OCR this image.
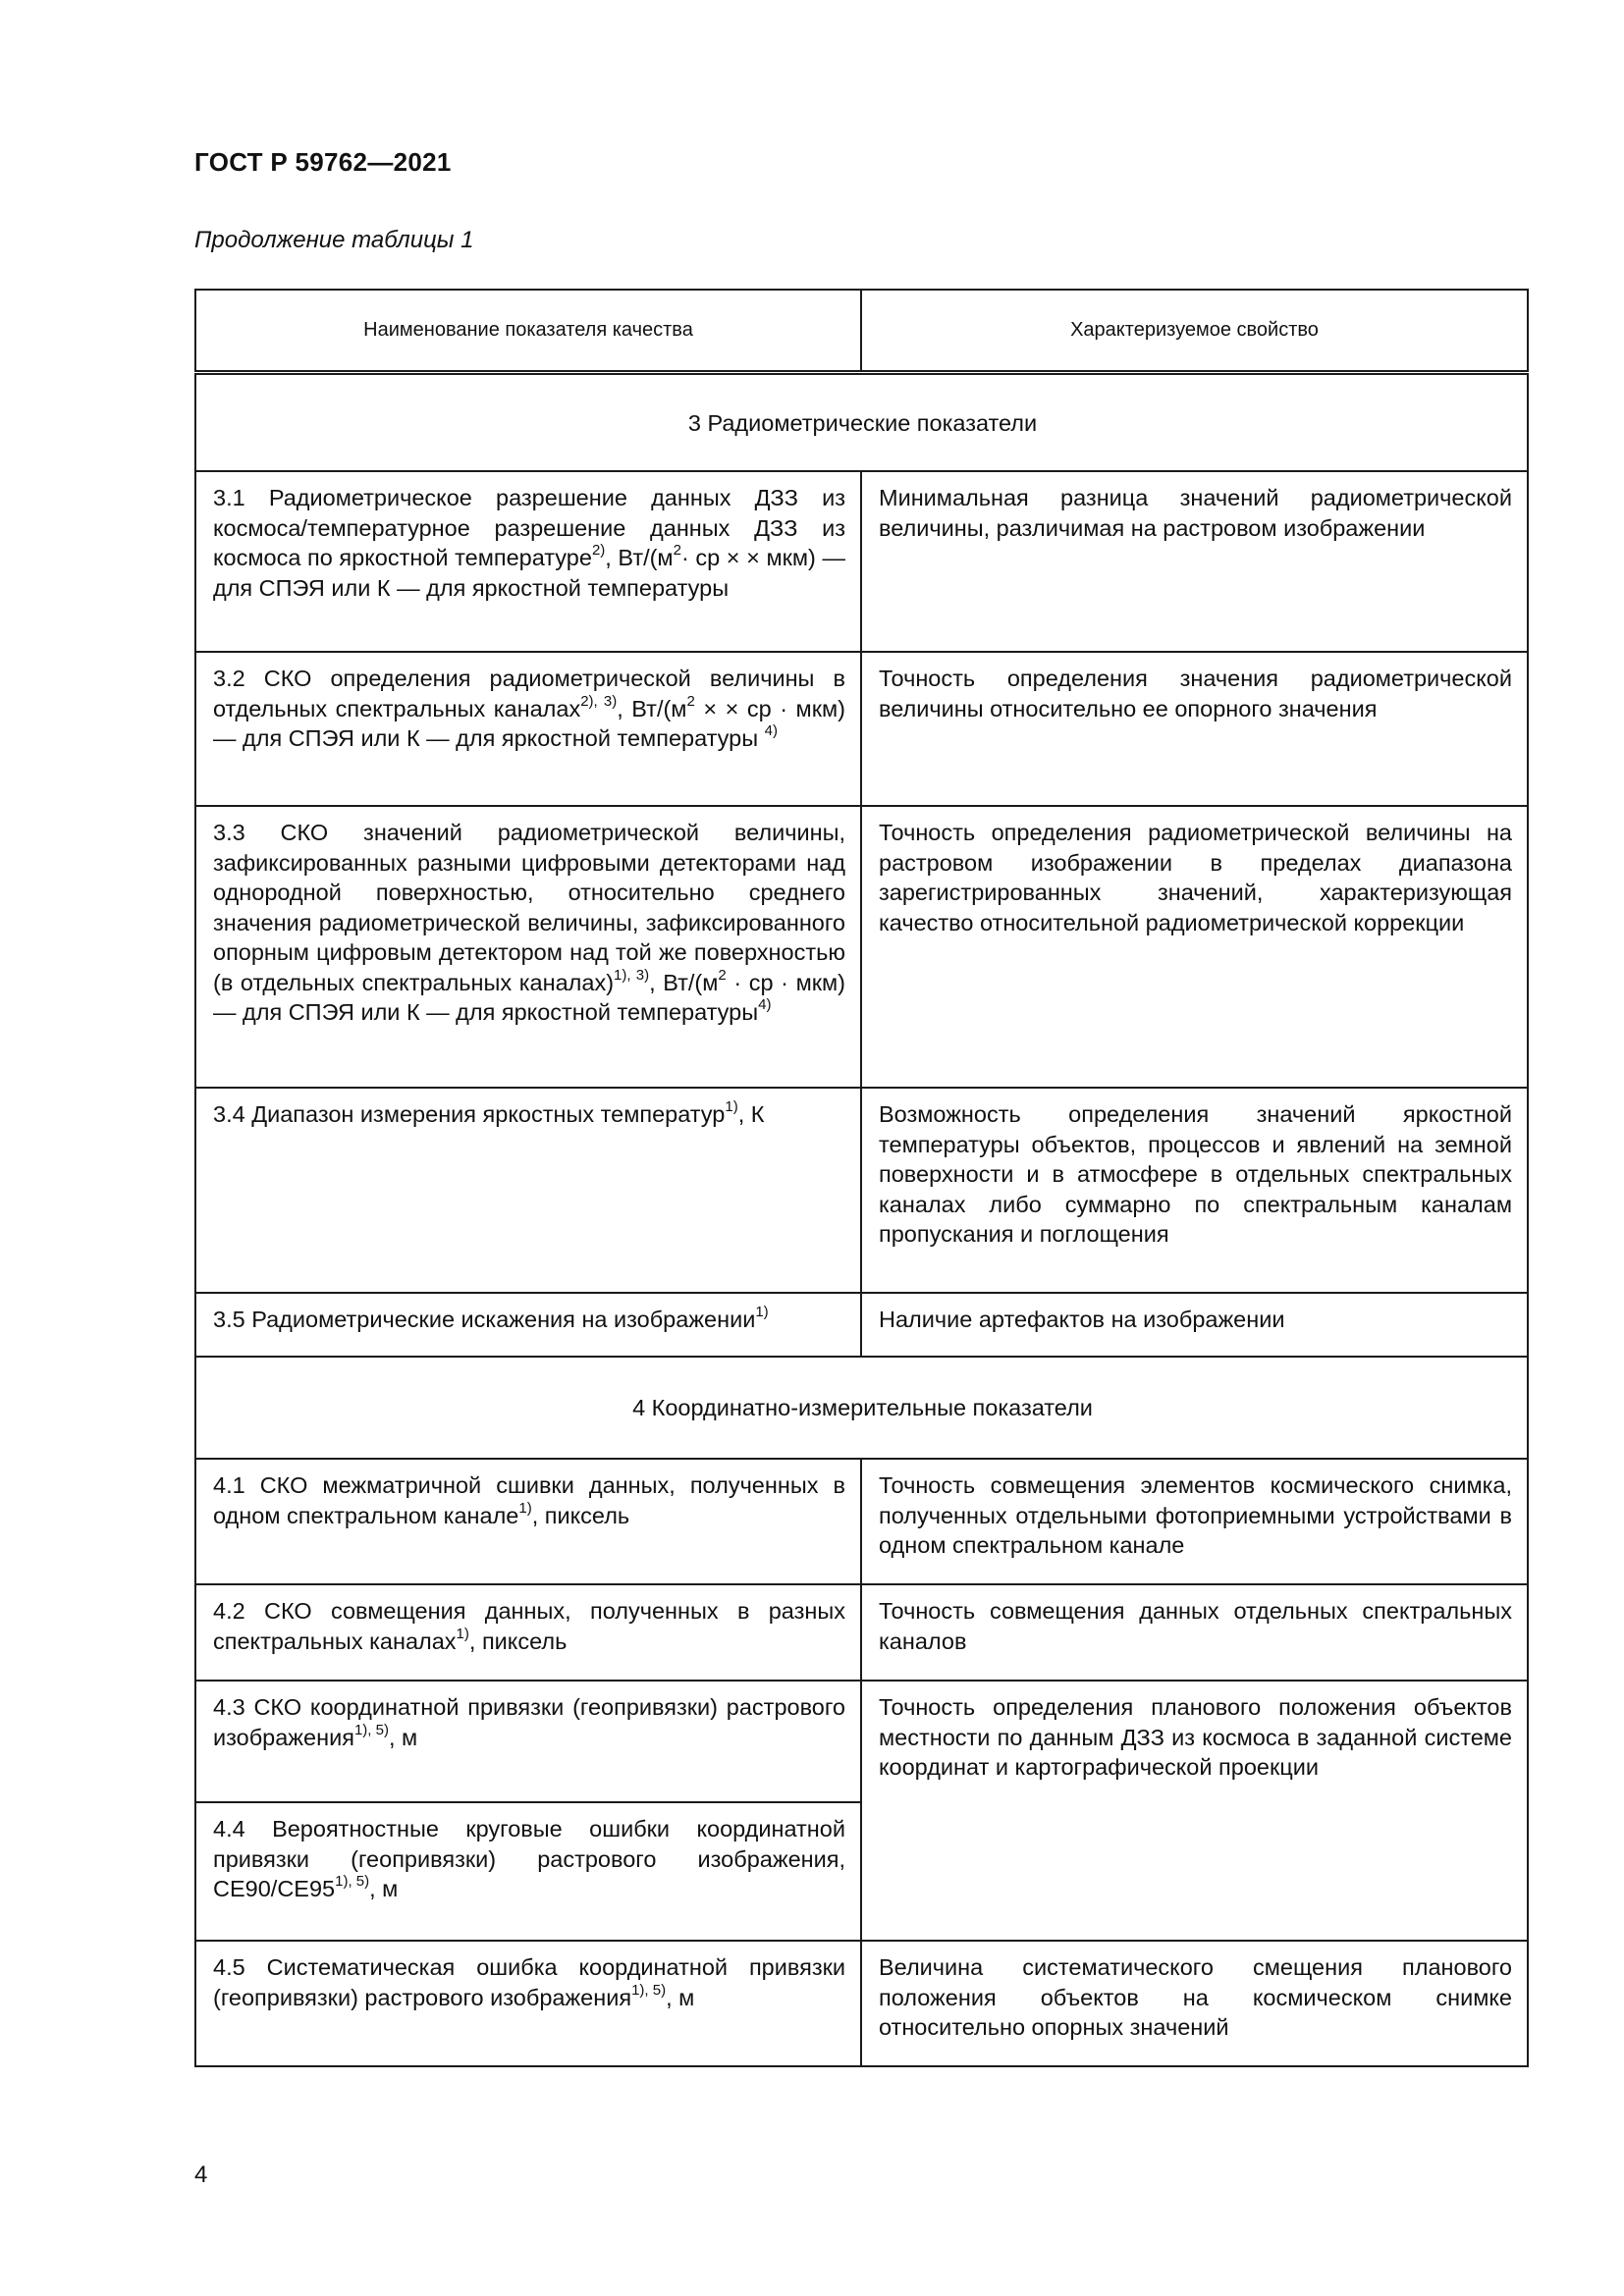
ГОСТ Р 59762—2021
Продолжение таблицы 1
Наименование показателя качества	Характеризуемое свойство
3 Радиометрические показатели	
3.1 Радиометрическое разрешение данных ДЗЗ из космоса/температурное разрешение данных ДЗЗ из космоса по яркостной температуре$^{2)}$, $Вт/(м^2\cdot$ ср × × мкм) — для СПЭЯ или К — для яркостной температуры	Минимальная разница значений радиометрической величины, различимая на растровом изображении
3.2 СКО определения радиометрической величины в отдельных спектральных каналах$^{2), 3)}$, $Вт/(м^2$ × × ср · мкм) — для СПЭЯ или К — для яркостной температуры $^{4)}$	Точность определения значения радиометрической величины относительно ее опорного значения
3.3 СКО значений радиометрической величины, зафиксированных разными цифровыми детекторами над однородной поверхностью, относительно среднего значения радиометрической величины, зафиксированного опорным цифровым детектором над той же поверхностью (в отдельных спектральных каналах)$^{1), 3)}$, $Вт/(м^2$ · ср · мкм) — для СПЭЯ или К — для яркостной температуры$^{4)}$	Точность определения радиометрической величины на растровом изображении в пределах диапазона зарегистрированных значений, характеризующая качество относительной радиометрической коррекции
3.4 Диапазон измерения яркостных температур$^{1)}$, К	Возможность определения значений яркостной температуры объектов, процессов и явлений на земной поверхности и в атмосфере в отдельных спектральных каналах либо суммарно по спектральным каналам пропускания и поглощения
3.5 Радиометрические искажения на изображении$^{1)}$	Наличие артефактов на изображении
4 Координатно-измерительные показатели	
4.1 СКО межматричной сшивки данных, полученных в одном спектральном канале$^{1)}$, пиксель	Точность совмещения элементов космического снимка, полученных отдельными фотоприемными устройствами в одном спектральном канале
4.2 СКО совмещения данных, полученных в разных спектральных каналах$^{1)}$, пиксель	Точность совмещения данных отдельных спектральных каналов
4.3 СКО координатной привязки (геопривязки) растрового изображения$^{1), 5)}$, м	Точность определения планового положения объектов местности по данным ДЗЗ из космоса в заданной системе координат и картографической проекции
4.4 Вероятностные круговые ошибки координатной привязки (геопривязки) растрового изображения, $CE90/CE95^{1), 5)}$, м	
4.5 Систематическая ошибка координатной привязки (геопривязки) растрового изображения$^{1), 5)}$, м	Величина систематического смещения планового положения объектов на космическом снимке относительно опорных значений
4
